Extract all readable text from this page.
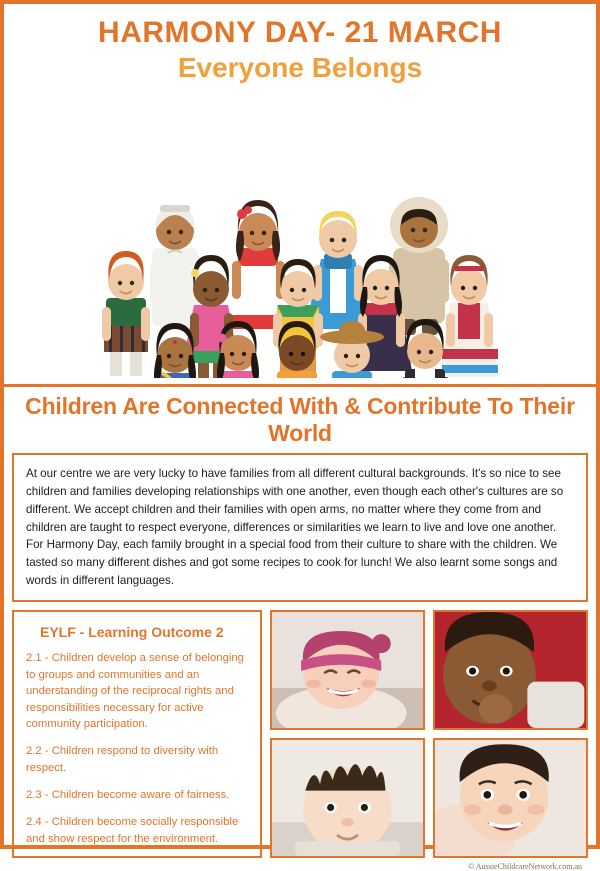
HARMONY DAY- 21 MARCH
Everyone Belongs
Children Are Connected With & Contribute To Their World
At our centre we are very lucky to have families from all different cultural backgrounds. It's so nice to see children and families developing relationships with one another, even though each other's cultures are so different. We accept children and their families with open arms, no matter where they come from and children are taught to respect everyone, differences or similarities we learn to live and love one another. For Harmony Day, each family brought in a special food from their culture to share with the children. We tasted so many different dishes and got some recipes to cook for lunch! We also learnt some songs and words in different languages.
EYLF - Learning Outcome 2
2.1 - Children develop a sense of belonging to groups and communities and an understanding of the reciprocal rights and responsibilities necessary for active community participation.
2.2 - Children respond to diversity with respect.
2.3 - Children become aware of fairness.
2.4 - Children become socially responsible and show respect for the environment.
© AussieChildcareNetwork.com.au
